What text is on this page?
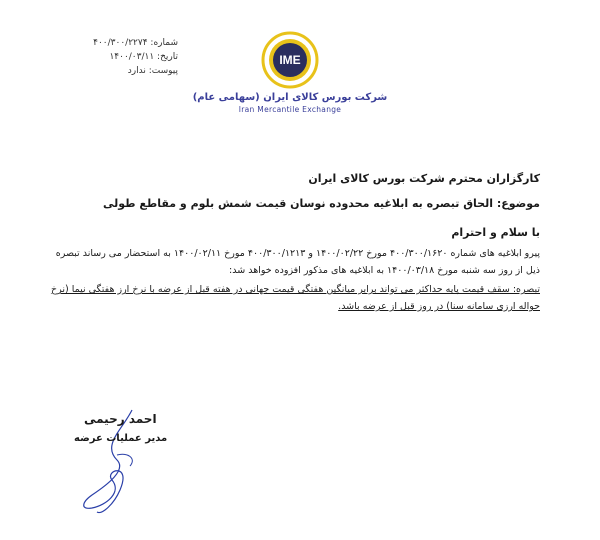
شماره: ۴۰۰/۳۰۰/۲۲۷۴
تاریخ: ۱۴۰۰/۰۳/۱۱
پیوست: ندارد
IME
شرکت بورس کالای ایران (سهامی عام)
Iran Mercantile Exchange
کارگزاران محترم شرکت بورس کالای ایران
موضوع: الحاق تبصره به ابلاغیه محدوده نوسان قیمت شمش بلوم و مقاطع طولی
با سلام و احترام
پیرو ابلاغیه های شماره ۴۰۰/۳۰۰/۱۶۲۰ مورخ ۱۴۰۰/۰۲/۲۲ و ۴۰۰/۳۰۰/۱۲۱۳ مورخ ۱۴۰۰/۰۲/۱۱ به استحضار می رساند تبصره ذیل از روز سه شنبه مورخ ۱۴۰۰/۰۳/۱۸ به ابلاغیه های مذکور افزوده خواهد شد:
تبصره: سقف قیمت پایه حداکثر می تواند برابر میانگین هفتگی قیمت جهانی در هفته قبل از عرضه با نرخ ارز هفتگی نیما (نرخ حواله ارزی سامانه سنا) در روز قبل از عرضه باشد.
احمد رحیمی
مدیر عملیات عرضه
